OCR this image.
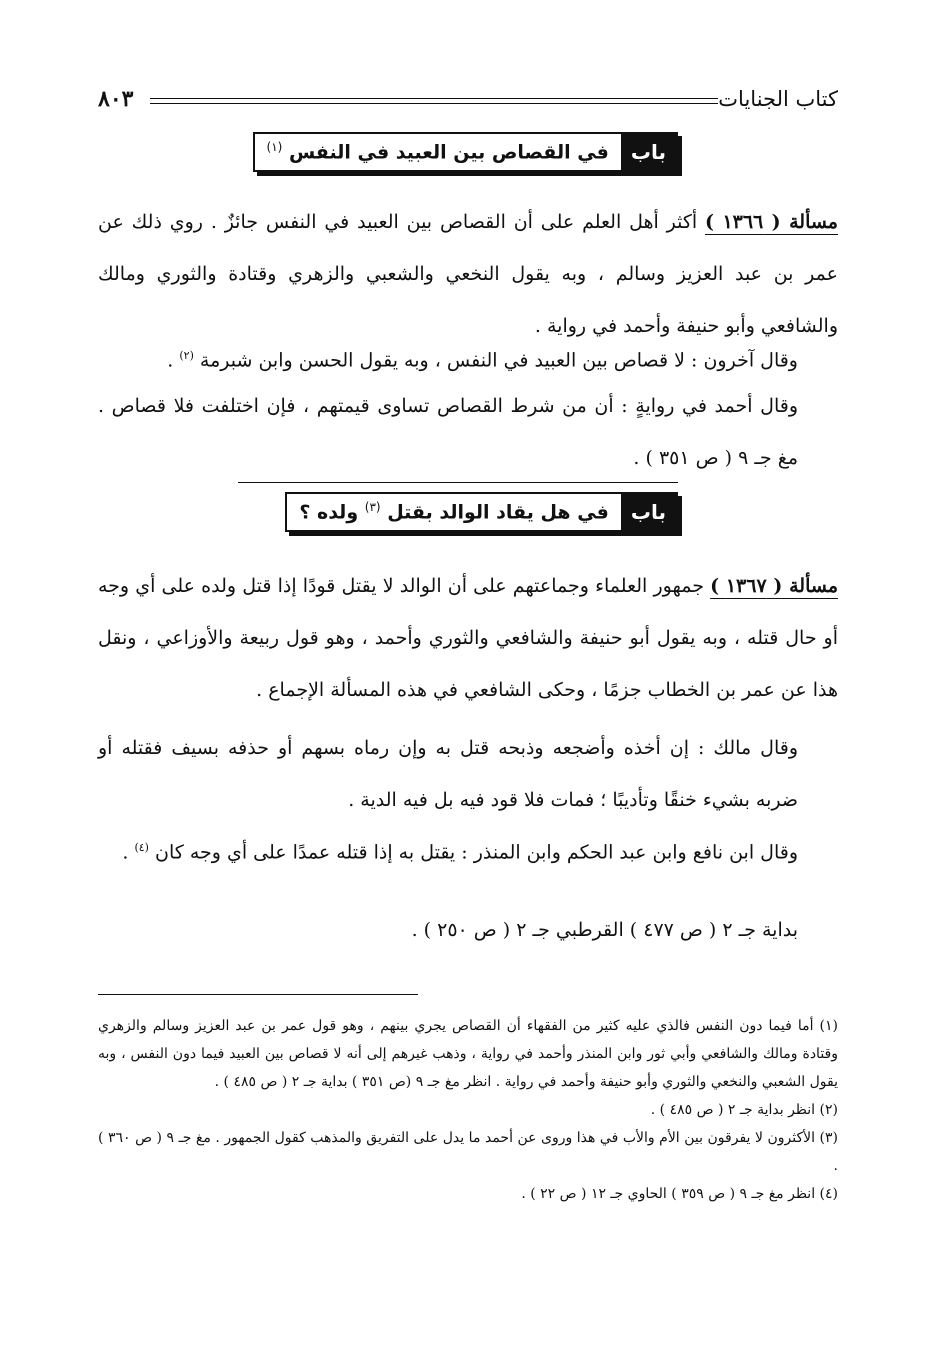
كتاب الجنايات
٨٠٣
باب
في القصاص بين العبيد في النفس $^{(١)}$
مسألة ( ١٣٦٦ ) أكثر أهل العلم على أن القصاص بين العبيد في النفس جائزٌ . روي ذلك عن عمر بن عبد العزيز وسالم ، وبه يقول النخعي والشعبي والزهري وقتادة والثوري ومالك والشافعي وأبو حنيفة وأحمد في رواية .
وقال آخرون : لا قصاص بين العبيد في النفس ، وبه يقول الحسن وابن شبرمة $^{(٢)}$ .
وقال أحمد في روايةٍ : أن من شرط القصاص تساوى قيمتهم ، فإن اختلفت فلا قصاص . مغ جـ ٩ ( ص ٣٥١ ) .
باب
في هل يقاد الوالد بقتل $^{(٣)}$ ولده ؟
مسألة ( ١٣٦٧ ) جمهور العلماء وجماعتهم على أن الوالد لا يقتل قودًا إذا قتل ولده على أي وجه أو حال قتله ، وبه يقول أبو حنيفة والشافعي والثوري وأحمد ، وهو قول ربيعة والأوزاعي ، ونقل هذا عن عمر بن الخطاب جزمًا ، وحكى الشافعي في هذه المسألة الإجماع .
وقال مالك : إن أخذه وأضجعه وذبحه قتل به وإن رماه بسهم أو حذفه بسيف فقتله أو ضربه بشيء خنقًا وتأديبًا ؛ فمات فلا قود فيه بل فيه الدية .
وقال ابن نافع وابن عبد الحكم وابن المنذر : يقتل به إذا قتله عمدًا على أي وجه كان $^{(٤)}$ .
بداية جـ ٢ ( ص ٤٧٧ ) القرطبي جـ ٢ ( ص ٢٥٠ ) .

(١) أما فيما دون النفس فالذي عليه كثير من الفقهاء أن القصاص يجري بينهم ، وهو قول عمر بن عبد العزيز وسالم والزهري وقتادة ومالك والشافعي وأبي ثور وابن المنذر وأحمد في رواية ، وذهب غيرهم إلى أنه لا قصاص بين العبيد فيما دون النفس ، وبه يقول الشعبي والنخعي والثوري وأبو حنيفة وأحمد في رواية . انظر مغ جـ ٩ (ص ٣٥١ ) بداية جـ ٢ ( ص ٤٨٥ ) .

(٢) انظر بداية جـ ٢ ( ص ٤٨٥ ) .

(٣) الأكثرون لا يفرقون بين الأم والأب في هذا وروى عن أحمد ما يدل على التفريق والمذهب كقول الجمهور . مغ جـ ٩ ( ص ٣٦٠ ) .

(٤) انظر مغ جـ ٩ ( ص ٣٥٩ ) الحاوي جـ ١٢ ( ص ٢٢ ) .
